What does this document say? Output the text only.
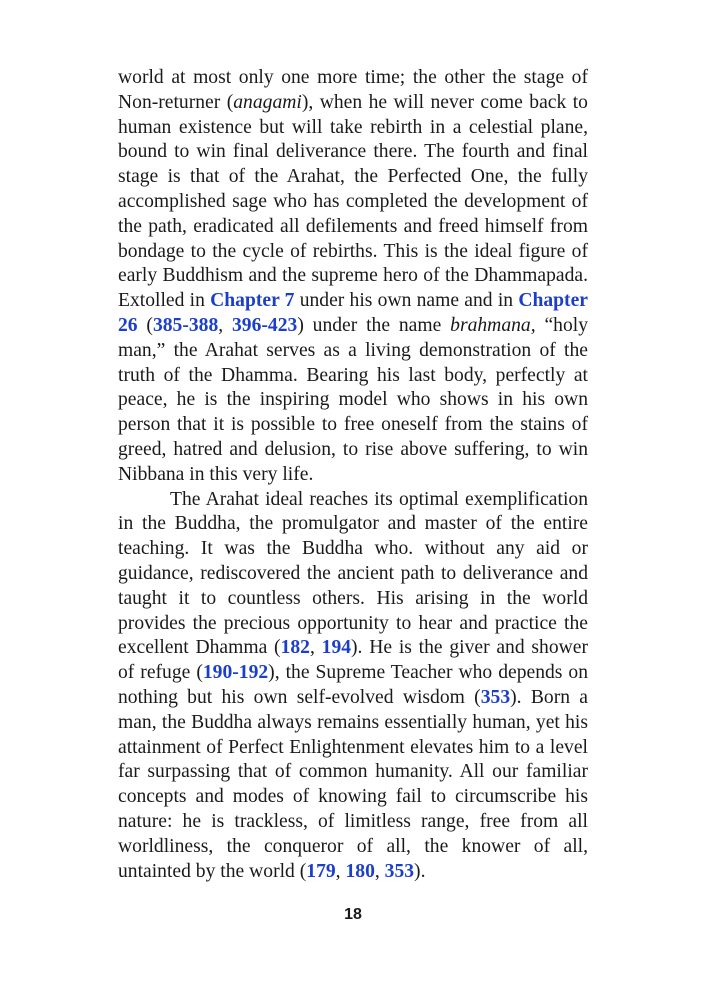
world at most only one more time; the other the stage of Non-returner (anagami), when he will never come back to human existence but will take rebirth in a celestial plane, bound to win final deliverance there. The fourth and final stage is that of the Arahat, the Perfected One, the fully accomplished sage who has completed the development of the path, eradicated all defilements and freed himself from bondage to the cycle of rebirths. This is the ideal figure of early Buddhism and the supreme hero of the Dhammapada. Extolled in Chapter 7 under his own name and in Chapter 26 (385-388, 396-423) under the name brahmana, “holy man,” the Arahat serves as a living demonstration of the truth of the Dhamma. Bearing his last body, perfectly at peace, he is the inspiring model who shows in his own person that it is possible to free oneself from the stains of greed, hatred and delusion, to rise above suffering, to win Nibbana in this very life.

The Arahat ideal reaches its optimal exemplification in the Buddha, the promulgator and master of the entire teaching. It was the Buddha who. without any aid or guidance, rediscovered the ancient path to deliverance and taught it to countless others. His arising in the world provides the precious opportunity to hear and practice the excellent Dhamma (182, 194). He is the giver and shower of refuge (190-192), the Supreme Teacher who depends on nothing but his own self-evolved wisdom (353). Born a man, the Buddha always remains essentially human, yet his attainment of Perfect Enlightenment elevates him to a level far surpassing that of common humanity. All our familiar concepts and modes of knowing fail to circumscribe his nature: he is trackless, of limitless range, free from all worldliness, the conqueror of all, the knower of all, untainted by the world (179, 180, 353).

18
